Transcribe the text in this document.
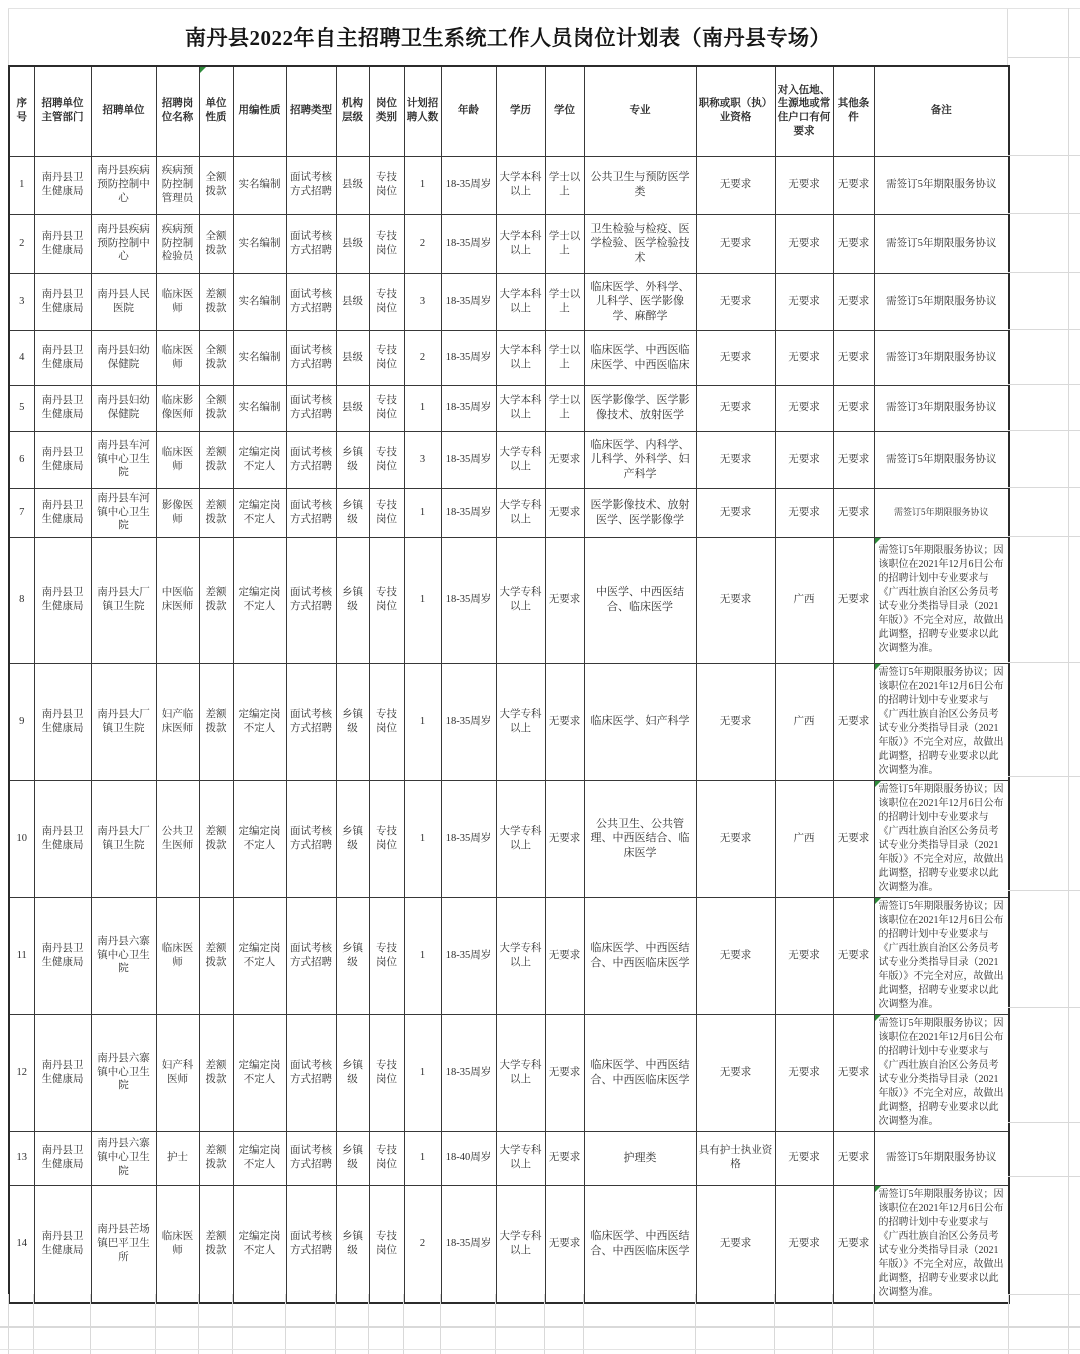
南丹县2022年自主招聘卫生系统工作人员岗位计划表（南丹县专场）
序号	招聘单位主管部门	招聘单位	招聘岗位名称	单位性质	用编性质	招聘类型	机构层级	岗位类别	计划招聘人数	年龄	学历	学位	专业	职称或职（执）业资格	对入伍地、生源地或常住户口有何要求	其他条件	备注
1	南丹县卫生健康局	南丹县疾病预防控制中心	疾病预防控制管理员	全额拨款	实名编制	面试考核方式招聘	县级	专技岗位	1	18-35周岁	大学本科以上	学士以上	公共卫生与预防医学类	无要求	无要求	无要求	需签订5年期限服务协议
2	南丹县卫生健康局	南丹县疾病预防控制中心	疾病预防控制检验员	全额拨款	实名编制	面试考核方式招聘	县级	专技岗位	2	18-35周岁	大学本科以上	学士以上	卫生检验与检疫、医学检验、医学检验技术	无要求	无要求	无要求	需签订5年期限服务协议
3	南丹县卫生健康局	南丹县人民医院	临床医师	差额拨款	实名编制	面试考核方式招聘	县级	专技岗位	3	18-35周岁	大学本科以上	学士以上	临床医学、外科学、儿科学、医学影像学、麻醉学	无要求	无要求	无要求	需签订5年期限服务协议
4	南丹县卫生健康局	南丹县妇幼保健院	临床医师	全额拨款	实名编制	面试考核方式招聘	县级	专技岗位	2	18-35周岁	大学本科以上	学士以上	临床医学、中西医临床医学、中西医临床	无要求	无要求	无要求	需签订3年期限服务协议
5	南丹县卫生健康局	南丹县妇幼保健院	临床影像医师	全额拨款	实名编制	面试考核方式招聘	县级	专技岗位	1	18-35周岁	大学本科以上	学士以上	医学影像学、医学影像技术、放射医学	无要求	无要求	无要求	需签订3年期限服务协议
6	南丹县卫生健康局	南丹县车河镇中心卫生院	临床医师	差额拨款	定编定岗不定人	面试考核方式招聘	乡镇级	专技岗位	3	18-35周岁	大学专科以上	无要求	临床医学、内科学、儿科学、外科学、妇产科学	无要求	无要求	无要求	需签订5年期限服务协议
7	南丹县卫生健康局	南丹县车河镇中心卫生院	影像医师	差额拨款	定编定岗不定人	面试考核方式招聘	乡镇级	专技岗位	1	18-35周岁	大学专科以上	无要求	医学影像技术、放射医学、医学影像学	无要求	无要求	无要求	需签订5年期限服务协议
8	南丹县卫生健康局	南丹县大厂镇卫生院	中医临床医师	差额拨款	定编定岗不定人	面试考核方式招聘	乡镇级	专技岗位	1	18-35周岁	大学专科以上	无要求	中医学、中西医结合、临床医学	无要求	广西	无要求	需签订5年期限服务协议；因该职位在2021年12月6日公布的招聘计划中专业要求与《广西壮族自治区公务员考试专业分类指导目录（2021年版）》不完全对应，故做出此调整，招聘专业要求以此次调整为准。

9	南丹县卫生健康局	南丹县大厂镇卫生院	妇产临床医师	差额拨款	定编定岗不定人	面试考核方式招聘	乡镇级	专技岗位	1	18-35周岁	大学专科以上	无要求	临床医学、妇产科学	无要求	广西	无要求	需签订5年期限服务协议；因该职位在2021年12月6日公布的招聘计划中专业要求与《广西壮族自治区公务员考试专业分类指导目录（2021年版）》不完全对应，故做出此调整，招聘专业要求以此次调整为准。

10	南丹县卫生健康局	南丹县大厂镇卫生院	公共卫生医师	差额拨款	定编定岗不定人	面试考核方式招聘	乡镇级	专技岗位	1	18-35周岁	大学专科以上	无要求	公共卫生、公共管理、中西医结合、临床医学	无要求	广西	无要求	需签订5年期限服务协议；因该职位在2021年12月6日公布的招聘计划中专业要求与《广西壮族自治区公务员考试专业分类指导目录（2021年版）》不完全对应，故做出此调整，招聘专业要求以此次调整为准。

11	南丹县卫生健康局	南丹县六寨镇中心卫生院	临床医师	差额拨款	定编定岗不定人	面试考核方式招聘	乡镇级	专技岗位	1	18-35周岁	大学专科以上	无要求	临床医学、中西医结合、中西医临床医学	无要求	无要求	无要求	需签订5年期限服务协议；因该职位在2021年12月6日公布的招聘计划中专业要求与《广西壮族自治区公务员考试专业分类指导目录（2021年版）》不完全对应，故做出此调整，招聘专业要求以此次调整为准。

12	南丹县卫生健康局	南丹县六寨镇中心卫生院	妇产科医师	差额拨款	定编定岗不定人	面试考核方式招聘	乡镇级	专技岗位	1	18-35周岁	大学专科以上	无要求	临床医学、中西医结合、中西医临床医学	无要求	无要求	无要求	需签订5年期限服务协议；因该职位在2021年12月6日公布的招聘计划中专业要求与《广西壮族自治区公务员考试专业分类指导目录（2021年版）》不完全对应，故做出此调整，招聘专业要求以此次调整为准。

13	南丹县卫生健康局	南丹县六寨镇中心卫生院	护士	差额拨款	定编定岗不定人	面试考核方式招聘	乡镇级	专技岗位	1	18-40周岁	大学专科以上	无要求	护理类	具有护士执业资格	无要求	无要求	需签订5年期限服务协议
14	南丹县卫生健康局	南丹县芒场镇巴平卫生所	临床医师	差额拨款	定编定岗不定人	面试考核方式招聘	乡镇级	专技岗位	2	18-35周岁	大学专科以上	无要求	临床医学、中西医结合、中西医临床医学	无要求	无要求	无要求	需签订5年期限服务协议；因该职位在2021年12月6日公布的招聘计划中专业要求与《广西壮族自治区公务员考试专业分类指导目录（2021年版）》不完全对应，故做出此调整，招聘专业要求以此次调整为准。
